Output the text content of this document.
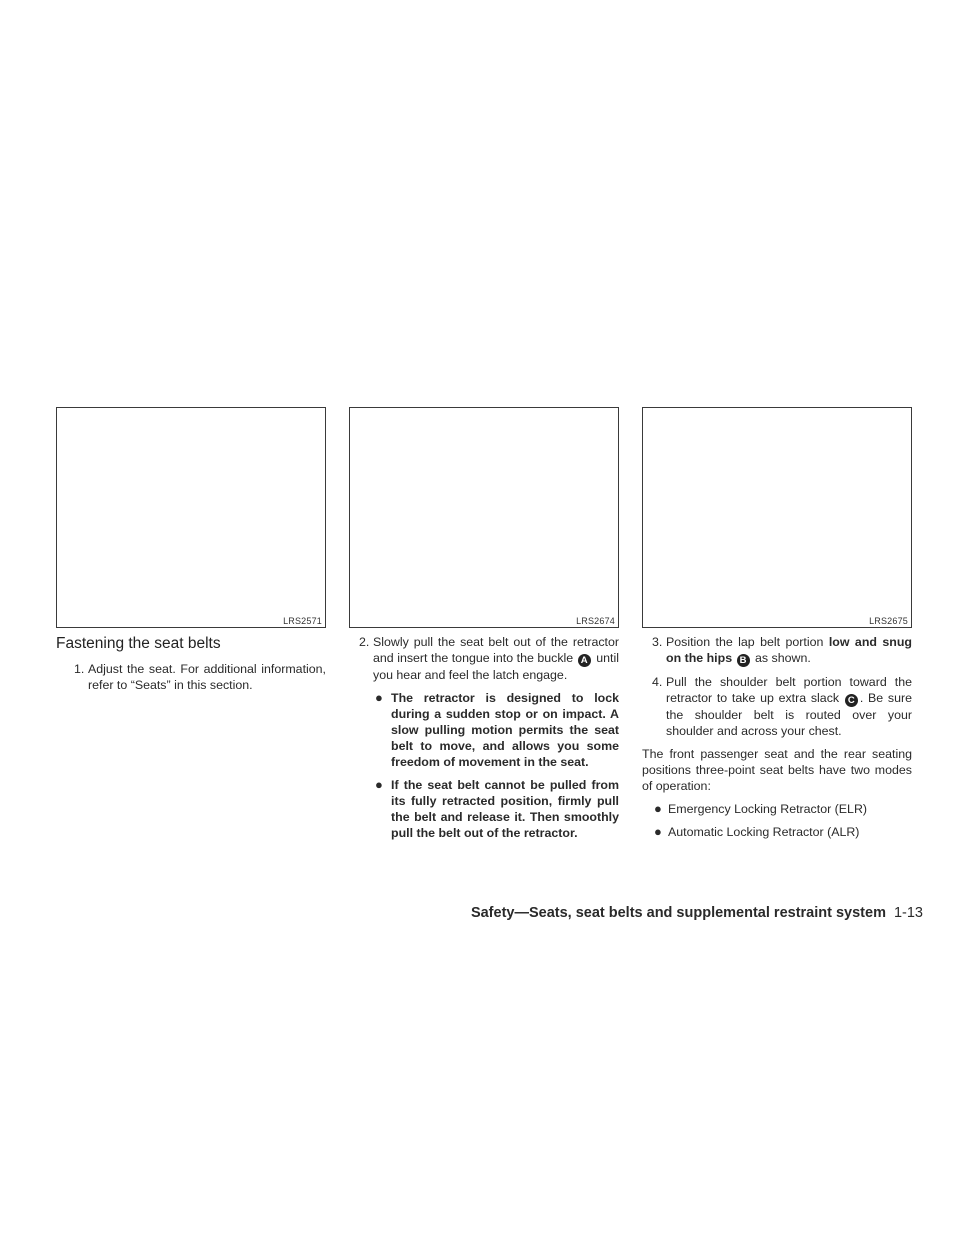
LRS2571	LRS2674	LRS2675
Fastening the seat belts

1. Adjust the seat. For additional information, refer to “Seats” in this section.

2. Slowly pull the seat belt out of the retractor and insert the tongue into the buckle A until you hear and feel the latch engage.

● The retractor is designed to lock during a sudden stop or on impact. A slow pulling motion permits the seat belt to move, and allows you some freedom of movement in the seat.

● If the seat belt cannot be pulled from its fully retracted position, firmly pull the belt and release it. Then smoothly pull the belt out of the retractor.

3. Position the lap belt portion low and snug on the hips B as shown.

4. Pull the shoulder belt portion toward the retractor to take up extra slack C . Be sure the shoulder belt is routed over your shoulder and across your chest.

The front passenger seat and the rear seating positions three-point seat belts have two modes of operation:

● Emergency Locking Retractor (ELR)

● Automatic Locking Retractor (ALR)

Safety—Seats, seat belts and supplemental restraint system 1-13
